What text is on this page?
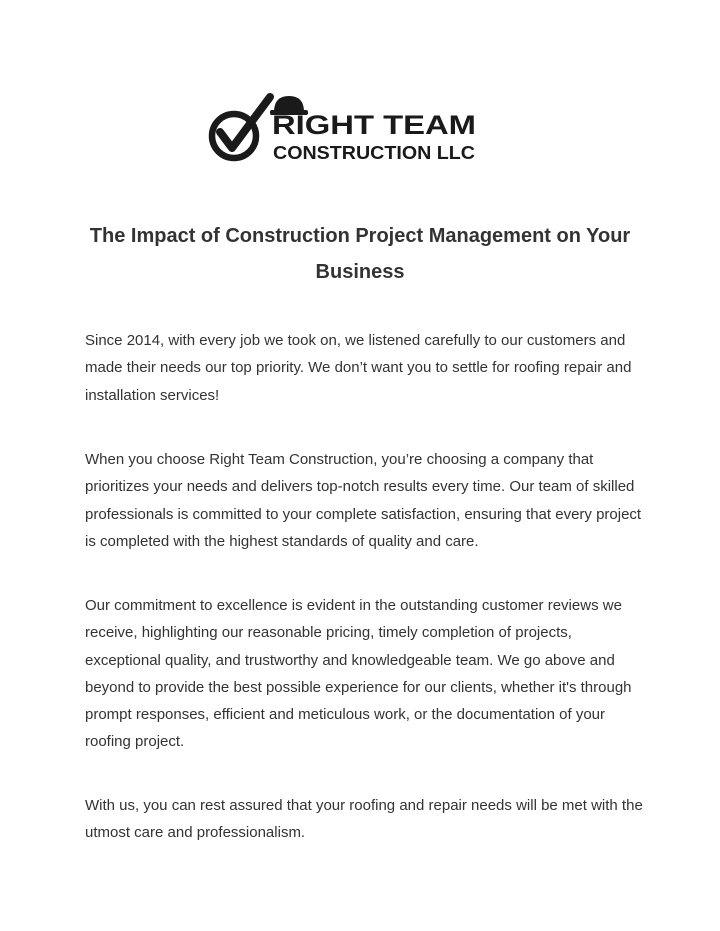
RIGHT TEAM
CONSTRUCTION LLC
The Impact of Construction Project Management on Your Business

Since 2014, with every job we took on, we listened carefully to our customers and made their needs our top priority. We don’t want you to settle for roofing repair and installation services!

When you choose Right Team Construction, you’re choosing a company that prioritizes your needs and delivers top-notch results every time. Our team of skilled professionals is committed to your complete satisfaction, ensuring that every project is completed with the highest standards of quality and care.

Our commitment to excellence is evident in the outstanding customer reviews we receive, highlighting our reasonable pricing, timely completion of projects, exceptional quality, and trustworthy and knowledgeable team. We go above and beyond to provide the best possible experience for our clients, whether it's through prompt responses, efficient and meticulous work, or the documentation of your roofing project.

With us, you can rest assured that your roofing and repair needs will be met with the utmost care and professionalism.
